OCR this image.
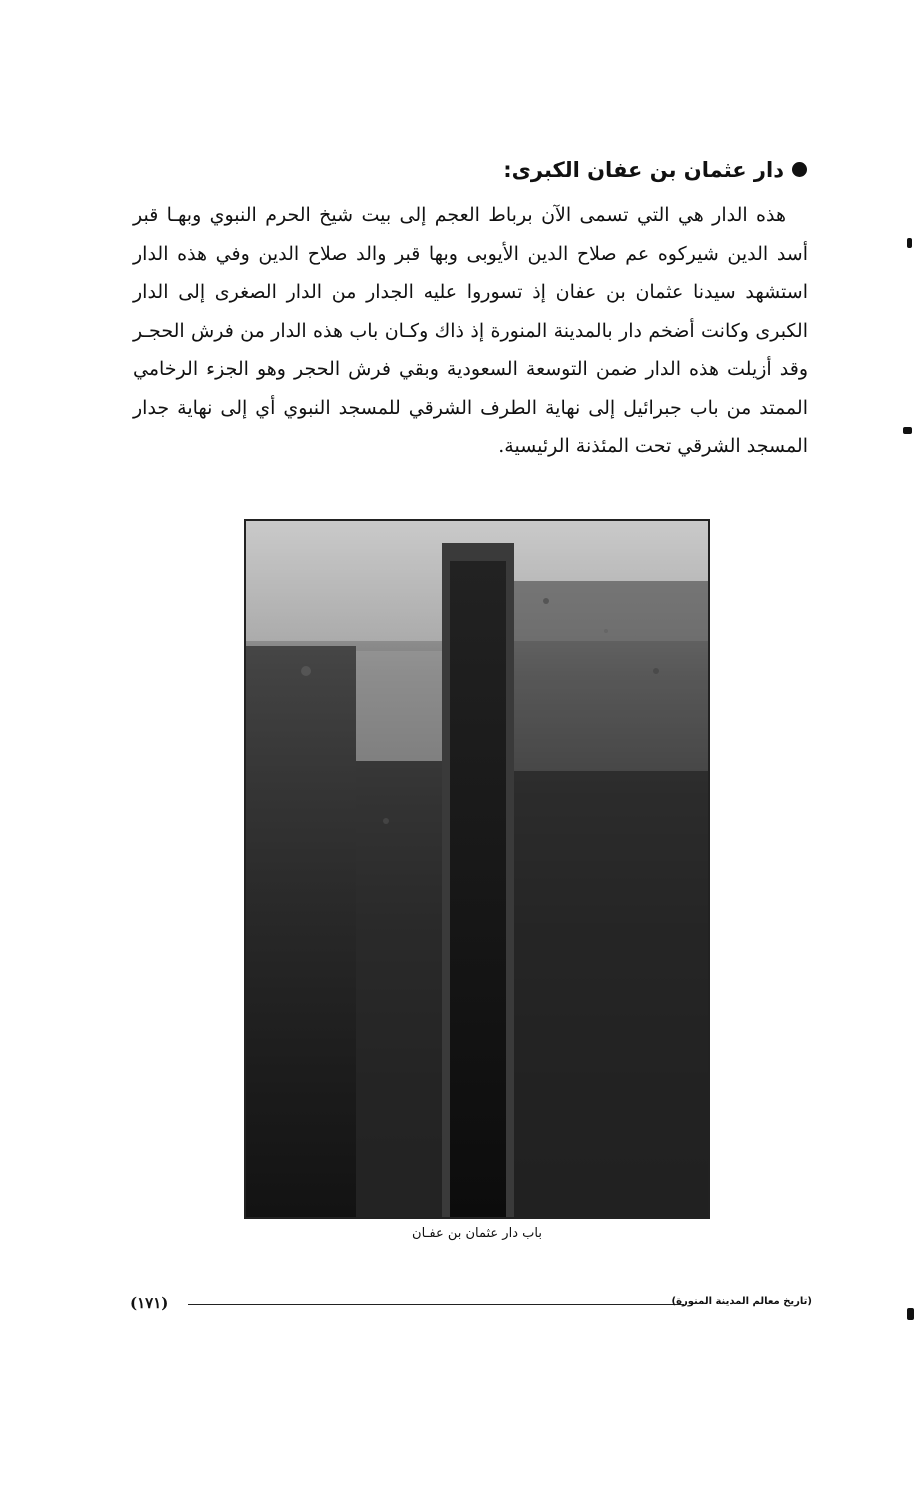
دار عثمان بن عفان الكبرى:

هذه الدار هي التي تسمى الآن برباط العجم إلى بيت شيخ الحرم النبوي وبهـا قبر أسد الدين شيركوه عم صلاح الدين الأيوبى وبها قبر والد صلاح الدين وفي هذه الدار استشهد سيدنا عثمان بن عفان إذ تسوروا عليه الجدار من الدار الصغرى إلى الدار الكبرى وكانت أضخم دار بالمدينة المنورة إذ ذاك وكـان باب هذه الدار من فرش الحجـر وقد أزيلت هذه الدار ضمن التوسعة السعودية وبقي فرش الحجر وهو الجزء الرخامي الممتد من باب جبرائيل إلى نهاية الطرف الشرقي للمسجد النبوي أي إلى نهاية جدار المسجد الشرقي تحت المئذنة الرئيسية.

باب دار عثمان بن عفـان
(١٧١)	(تاريخ معالم المدينة المنورة)
